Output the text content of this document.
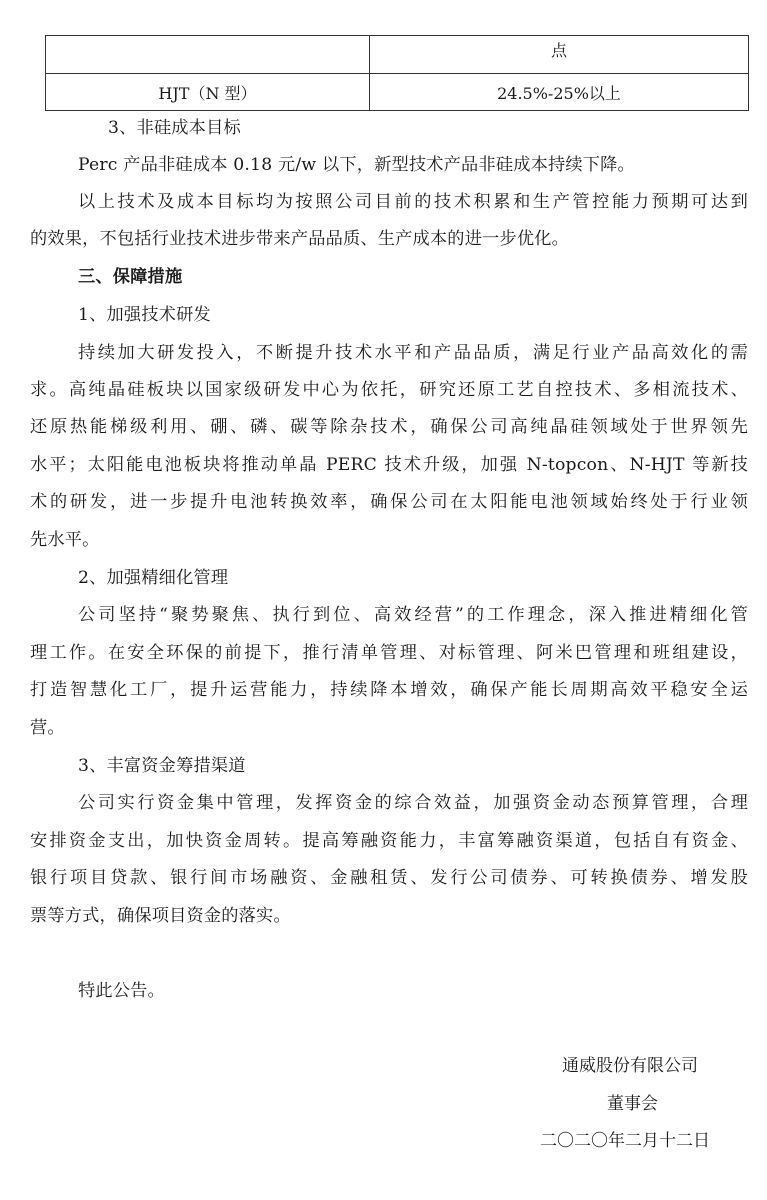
	点
HJT（N 型）	24.5%-25%以上
3、非硅成本目标
Perc 产品非硅成本 0.18 元/w 以下，新型技术产品非硅成本持续下降。
以上技术及成本目标均为按照公司目前的技术积累和生产管控能力预期可达到
的效果，不包括行业技术进步带来产品品质、生产成本的进一步优化。
三、保障措施
1、加强技术研发
持续加大研发投入，不断提升技术水平和产品品质，满足行业产品高效化的需
求。高纯晶硅板块以国家级研发中心为依托，研究还原工艺自控技术、多相流技术、
还原热能梯级利用、硼、磷、碳等除杂技术，确保公司高纯晶硅领域处于世界领先
水平；太阳能电池板块将推动单晶 PERC 技术升级，加强 N-topcon、N-HJT 等新技
术的研发，进一步提升电池转换效率，确保公司在太阳能电池领域始终处于行业领
先水平。
2、加强精细化管理
公司坚持“聚势聚焦、执行到位、高效经营”的工作理念，深入推进精细化管
理工作。在安全环保的前提下，推行清单管理、对标管理、阿米巴管理和班组建设，
打造智慧化工厂，提升运营能力，持续降本增效，确保产能长周期高效平稳安全运
营。
3、丰富资金筹措渠道
公司实行资金集中管理，发挥资金的综合效益，加强资金动态预算管理，合理
安排资金支出，加快资金周转。提高筹融资能力，丰富筹融资渠道，包括自有资金、
银行项目贷款、银行间市场融资、金融租赁、发行公司债券、可转换债券、增发股
票等方式，确保项目资金的落实。
特此公告。
通威股份有限公司
董事会
二〇二〇年二月十二日
